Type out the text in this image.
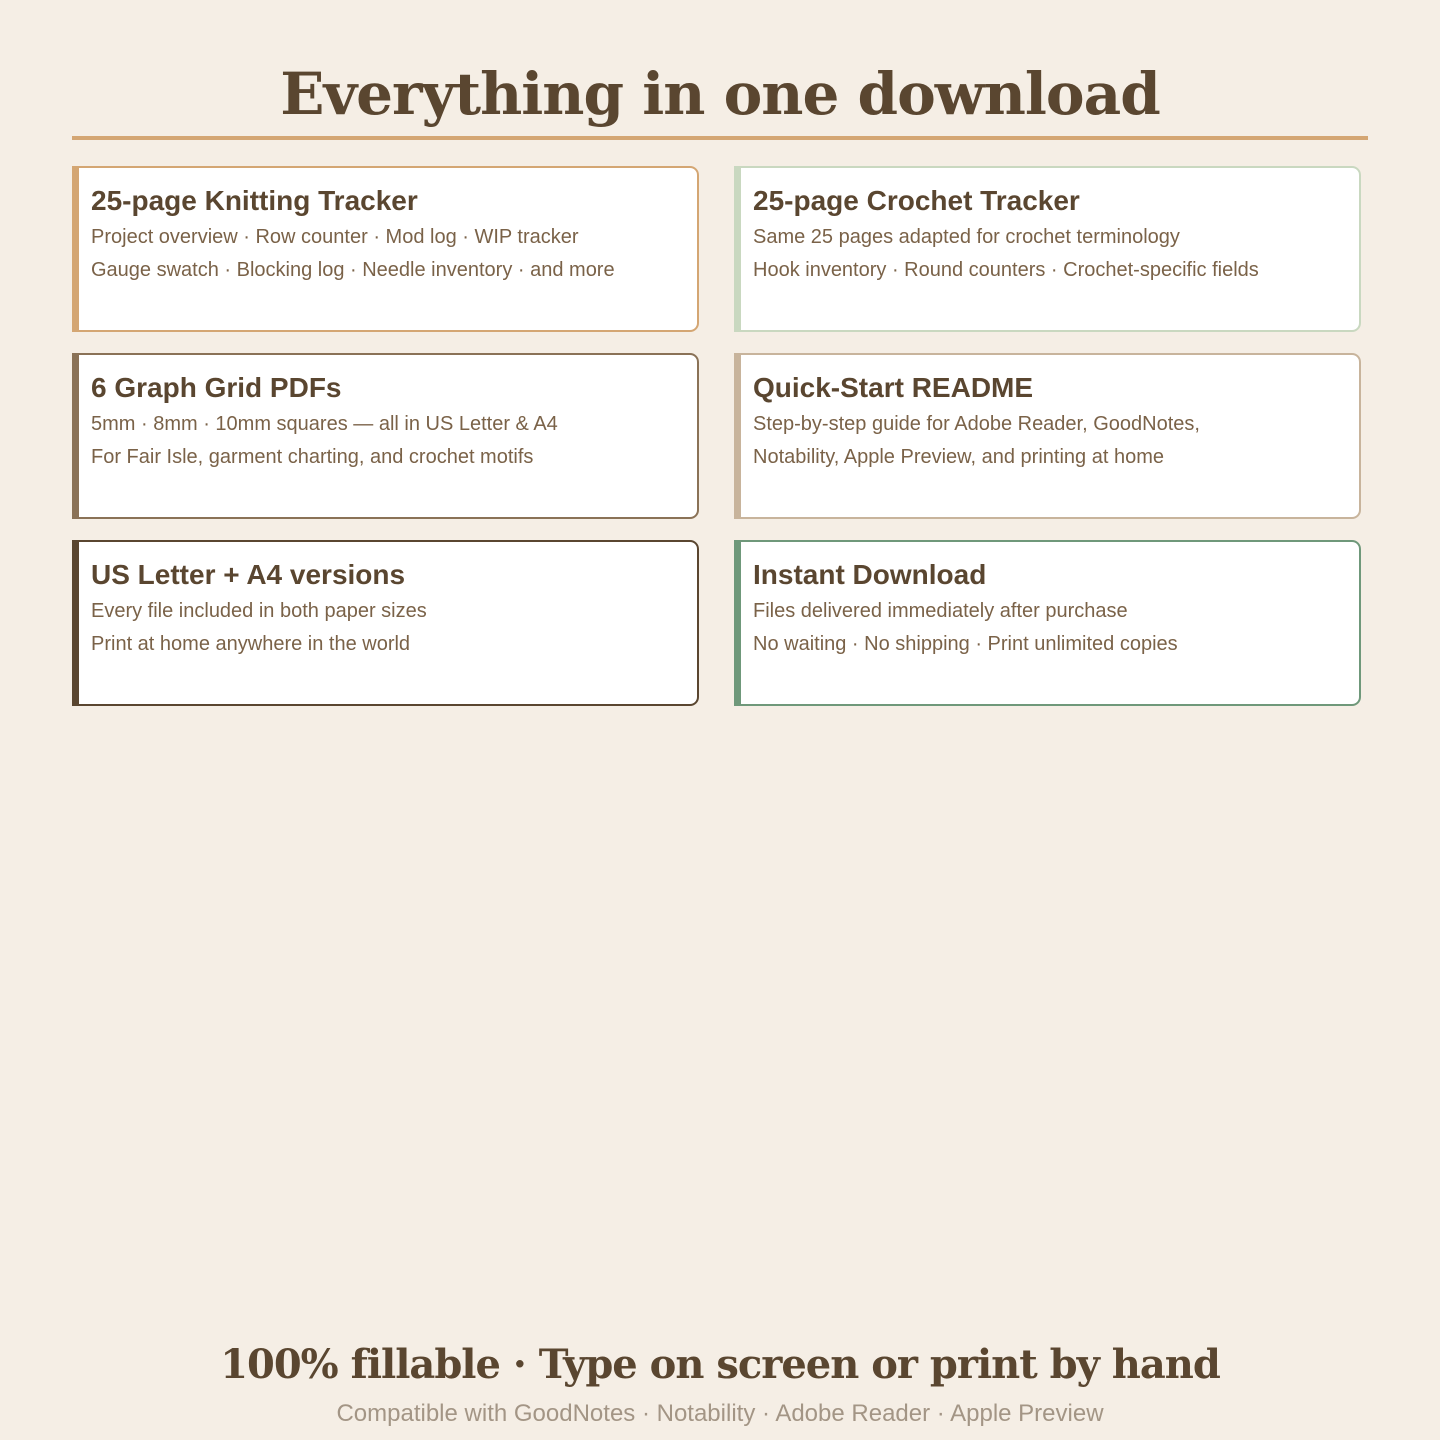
Everything in one download
25-page Knitting Tracker
Project overview · Row counter · Mod log · WIP tracker
Gauge swatch · Blocking log · Needle inventory · and more
25-page Crochet Tracker
Same 25 pages adapted for crochet terminology
Hook inventory · Round counters · Crochet-specific fields
6 Graph Grid PDFs
5mm · 8mm · 10mm squares — all in US Letter & A4
For Fair Isle, garment charting, and crochet motifs
Quick-Start README
Step-by-step guide for Adobe Reader, GoodNotes,
Notability, Apple Preview, and printing at home
US Letter + A4 versions
Every file included in both paper sizes
Print at home anywhere in the world
Instant Download
Files delivered immediately after purchase
No waiting · No shipping · Print unlimited copies
100% fillable · Type on screen or print by hand
Compatible with GoodNotes · Notability · Adobe Reader · Apple Preview
